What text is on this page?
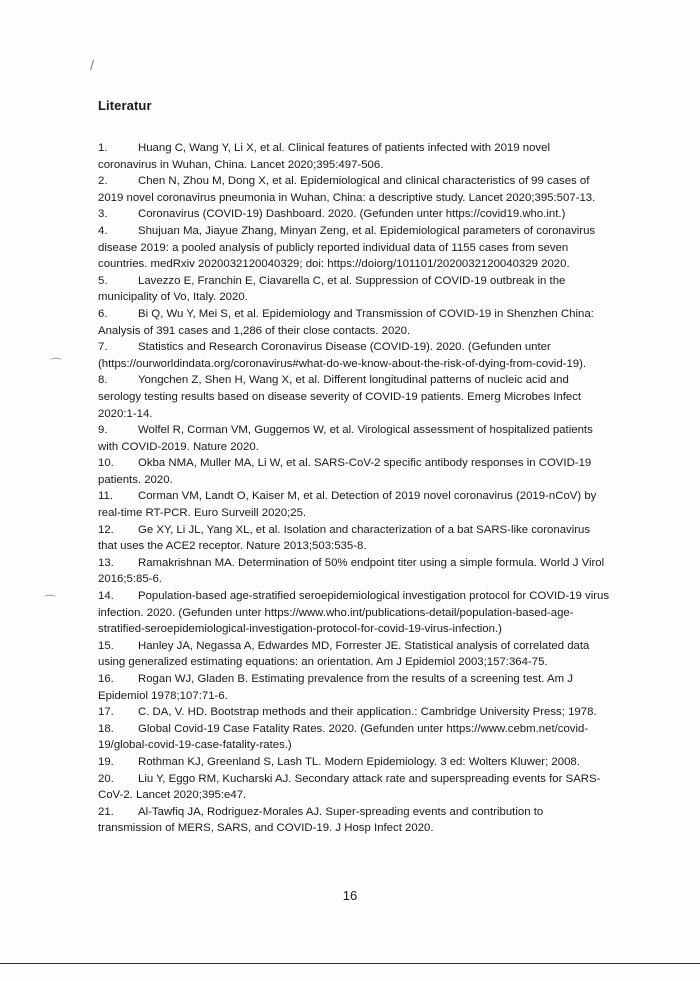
/
⌒
⌒
Literatur
1.	Huang C, Wang Y, Li X, et al. Clinical features of patients infected with 2019 novel coronavirus in Wuhan, China. Lancet 2020;395:497-506.
2.	Chen N, Zhou M, Dong X, et al. Epidemiological and clinical characteristics of 99 cases of 2019 novel coronavirus pneumonia in Wuhan, China: a descriptive study. Lancet 2020;395:507-13.
3.	Coronavirus (COVID-19) Dashboard. 2020. (Gefunden unter https://covid19.who.int.)
4.	Shujuan Ma, Jiayue Zhang, Minyan Zeng, et al. Epidemiological parameters of coronavirus disease 2019: a pooled analysis of publicly reported individual data of 1155 cases from seven countries. medRxiv 2020032120040329; doi: https://doiorg/101101/2020032120040329 2020.
5.	Lavezzo E, Franchin E, Ciavarella C, et al. Suppression of COVID-19 outbreak in the municipality of Vo, Italy. 2020.
6.	Bi Q, Wu Y, Mei S, et al. Epidemiology and Transmission of COVID-19 in Shenzhen China: Analysis of 391 cases and 1,286 of their close contacts. 2020.
7.	Statistics and Research Coronavirus Disease (COVID-19). 2020. (Gefunden unter (https://ourworldindata.org/coronavirus#what-do-we-know-about-the-risk-of-dying-from-covid-19).
8.	Yongchen Z, Shen H, Wang X, et al. Different longitudinal patterns of nucleic acid and serology testing results based on disease severity of COVID-19 patients. Emerg Microbes Infect 2020:1-14.
9.	Wolfel R, Corman VM, Guggemos W, et al. Virological assessment of hospitalized patients with COVID-2019. Nature 2020.
10. Okba NMA, Muller MA, Li W, et al. SARS-CoV-2 specific antibody responses in COVID-19 patients. 2020.
11. Corman VM, Landt O, Kaiser M, et al. Detection of 2019 novel coronavirus (2019-nCoV) by real-time RT-PCR. Euro Surveill 2020;25.
12. Ge XY, Li JL, Yang XL, et al. Isolation and characterization of a bat SARS-like coronavirus that uses the ACE2 receptor. Nature 2013;503:535-8.
13. Ramakrishnan MA. Determination of 50% endpoint titer using a simple formula. World J Virol 2016;5:85-6.
14. Population-based age-stratified seroepidemiological investigation protocol for COVID-19 virus infection. 2020. (Gefunden unter https://www.who.int/publications-detail/population-based-age-stratified-seroepidemiological-investigation-protocol-for-covid-19-virus-infection.)
15. Hanley JA, Negassa A, Edwardes MD, Forrester JE. Statistical analysis of correlated data using generalized estimating equations: an orientation. Am J Epidemiol 2003;157:364-75.
16. Rogan WJ, Gladen B. Estimating prevalence from the results of a screening test. Am J Epidemiol 1978;107:71-6.
17. C. DA, V. HD. Bootstrap methods and their application.: Cambridge University Press; 1978.
18. Global Covid-19 Case Fatality Rates. 2020. (Gefunden unter https://www.cebm.net/covid-19/global-covid-19-case-fatality-rates.)
19. Rothman KJ, Greenland S, Lash TL. Modern Epidemiology. 3 ed: Wolters Kluwer; 2008.
20. Liu Y, Eggo RM, Kucharski AJ. Secondary attack rate and superspreading events for SARS-CoV-2. Lancet 2020;395:e47.
21. Al-Tawfiq JA, Rodriguez-Morales AJ. Super-spreading events and contribution to transmission of MERS, SARS, and COVID-19. J Hosp Infect 2020.
16
